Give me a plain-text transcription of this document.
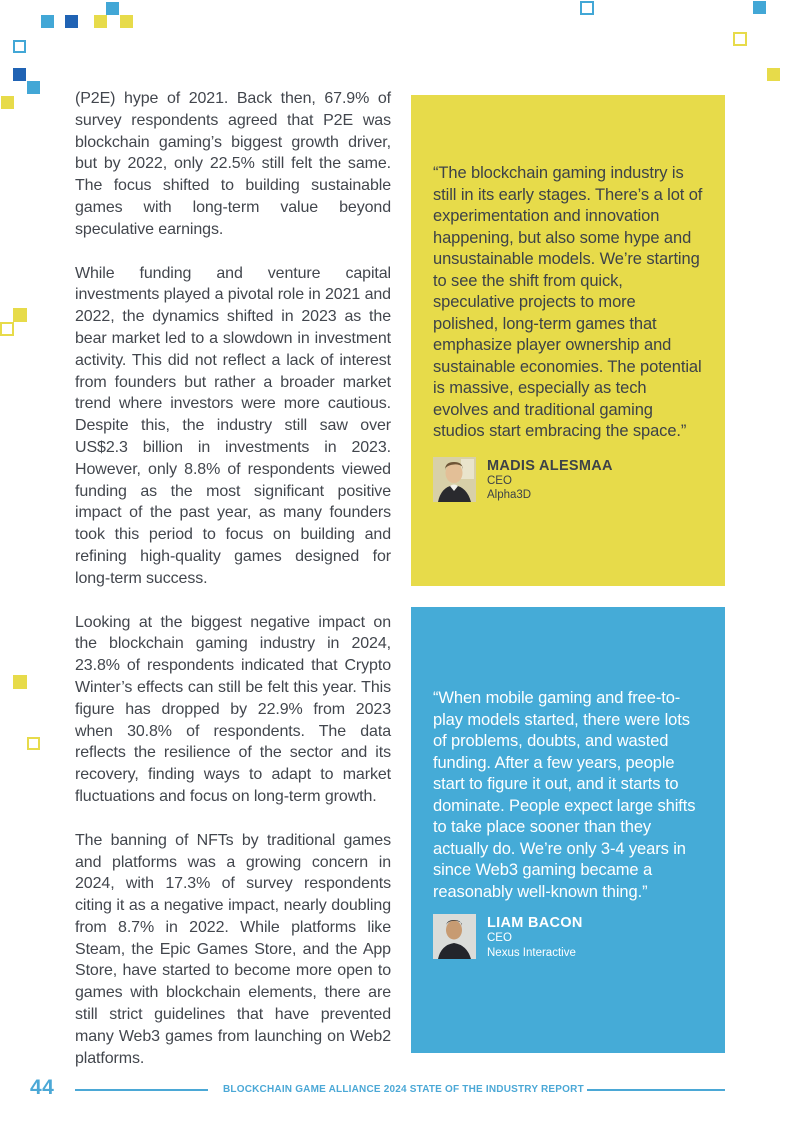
(P2E) hype of 2021. Back then, 67.9% of survey respondents agreed that P2E was blockchain gaming’s biggest growth driver, but by 2022, only 22.5% still felt the same. The focus shifted to building sustainable games with long-term value beyond speculative earnings.

While funding and venture capital investments played a pivotal role in 2021 and 2022, the dynamics shifted in 2023 as the bear market led to a slowdown in investment activity. This did not reflect a lack of interest from founders but rather a broader market trend where investors were more cautious. Despite this, the industry still saw over US$2.3 billion in investments in 2023. However, only 8.8% of respondents viewed funding as the most significant positive impact of the past year, as many founders took this period to focus on building and refining high-quality games designed for long-term success.

Looking at the biggest negative impact on the blockchain gaming industry in 2024, 23.8% of respondents indicated that Crypto Winter’s effects can still be felt this year. This figure has dropped by 22.9% from 2023 when 30.8% of respondents. The data reflects the resilience of the sector and its recovery, finding ways to adapt to market fluctuations and focus on long-term growth.

The banning of NFTs by traditional games and platforms was a growing concern in 2024, with 17.3% of survey respondents citing it as a negative impact, nearly doubling from 8.7% in 2022. While platforms like Steam, the Epic Games Store, and the App Store, have started to become more open to games with blockchain elements, there are still strict guidelines that have prevented many Web3 games from launching on Web2 platforms.

“The blockchain gaming industry is still in its early stages. There’s a lot of experimentation and innovation happening, but also some hype and unsustainable models. We’re starting to see the shift from quick, speculative projects to more polished, long-term games that emphasize player ownership and sustainable economies. The potential is massive, especially as tech evolves and traditional gaming studios start embracing the space.”

MADIS ALESMAA
CEO
Alpha3D

“When mobile gaming and free-to-play models started, there were lots of problems, doubts, and wasted funding. After a few years, people start to figure it out, and it starts to dominate. People expect large shifts to take place sooner than they actually do. We’re only 3-4 years in since Web3 gaming became a reasonably well-known thing.”

LIAM BACON
CEO
Nexus Interactive
44	BLOCKCHAIN GAME ALLIANCE 2024 STATE OF THE INDUSTRY REPORT
